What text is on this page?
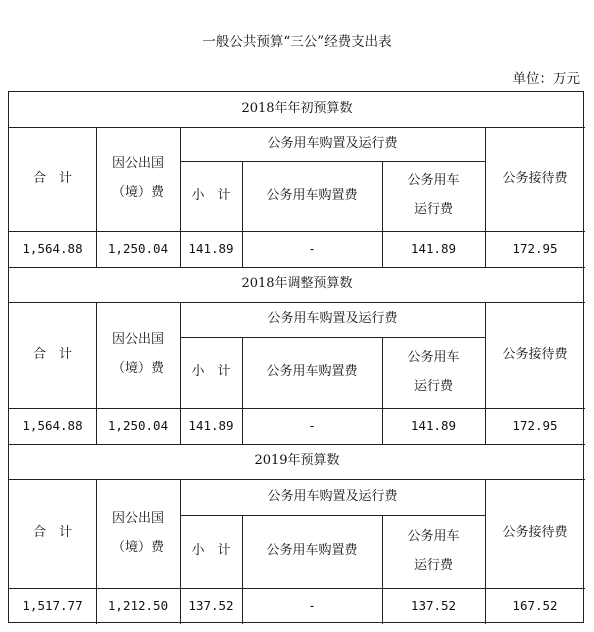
一般公共预算“三公”经费支出表
单位：万元
2018年年初预算数
合　计
因公出国
（境）费
公务用车购置及运行费
小　计	公务用车购置费
公务用车
运行费
公务接待费
1,564.88	1,250.04	141.89	-	141.89	172.95
2018年调整预算数
合　计
因公出国
（境）费
公务用车购置及运行费
小　计	公务用车购置费
公务用车
运行费
公务接待费
1,564.88	1,250.04	141.89	-	141.89	172.95
2019年预算数
合　计
因公出国
（境）费
公务用车购置及运行费
小　计	公务用车购置费
公务用车
运行费
公务接待费
1,517.77	1,212.50	137.52	-	137.52	167.52
